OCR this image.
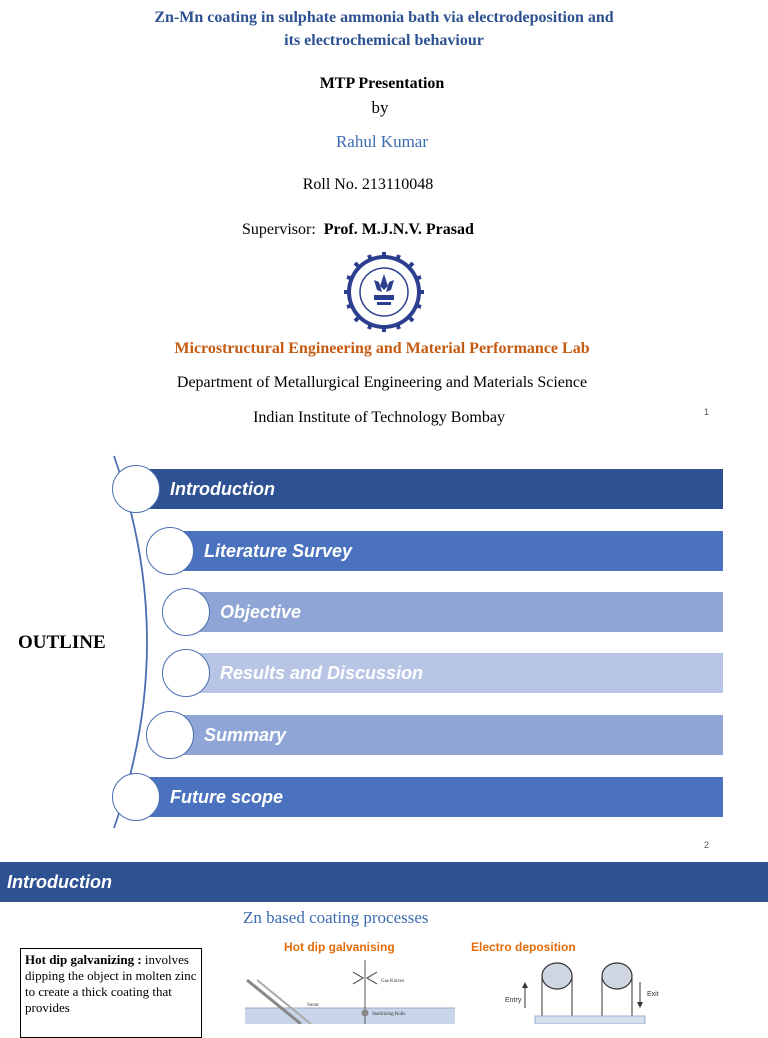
Zn-Mn coating in sulphate ammonia bath via electrodeposition and
its electrochemical behaviour
MTP Presentation
by
Rahul Kumar
Roll No. 213110048
Supervisor: Prof. M.J.N.V. Prasad
Microstructural Engineering and Material Performance Lab
Department of Metallurgical Engineering and Materials Science
Indian Institute of Technology Bombay	1
OUTLINE
Introduction
Literature Survey
Objective
Results and Discussion
Summary
Future scope
2
Introduction
Zn based coating processes
Hot dip galvanizing : involves dipping the object in molten zinc to create a thick coating that provides
Hot dip galvanising	Electro deposition
Gas Knives
Snout
Stabilizing Rolls
Entry
Exit
